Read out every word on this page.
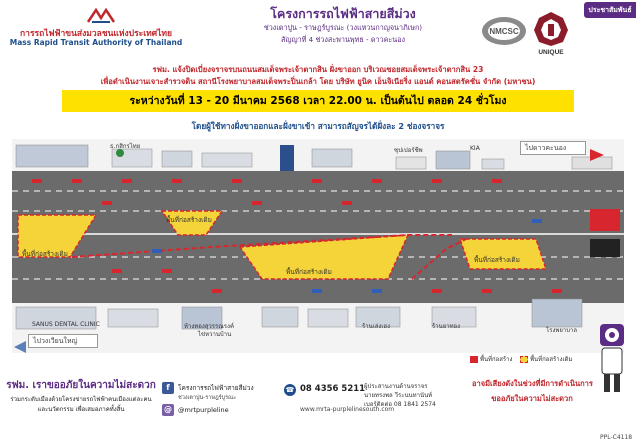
การรถไฟฟ้าขนส่งมวลชนแห่งประเทศไทย
Mass Rapid Transit Authority of Thailand
โครงการรถไฟฟ้าสายสีม่วง
ช่วงเตาปูน - ราษฎร์บูรณะ (วงแหวนกาญจนาภิเษก)
สัญญาที่ 4 ช่วงสะพานพุทธ - ดาวคะนอง
NMCSC
UNIQUE
ประชาสัมพันธ์
รฟม. แจ้งปิดเบี่ยงจราจรบนถนนสมเด็จพระเจ้าตากสิน ฝั่งขาออก บริเวณซอยสมเด็จพระเจ้าตากสิน 23
เพื่อดำเนินงานเจาะสำรวจดิน สถานีโรงพยาบาลสมเด็จพระปิ่นเกล้า โดย บริษัท ยูนิค เอ็นจิเนียริ่ง แอนด์ คอนสตรัคชั่น จำกัด (มหาชน)
ระหว่างวันที่ 13 - 20 มีนาคม 2568 เวลา 22.00 น. เป็นต้นไป ตลอด 24 ชั่วโมง
โดยผู้ใช้ทางฝั่งขาออกและฝั่งขาเข้า สามารถสัญจรได้ฝั่งละ 2 ช่องจราจร
ไปดาวคะนอง
ไปวงเวียนใหญ่
พื้นที่ก่อสร้างเดิม
พื้นที่ก่อสร้างเดิม
พื้นที่ก่อสร้างเดิม
พื้นที่ก่อสร้างเดิม
ธ.กสิกรไทย
ซุปเปอร์ชีพ	KIA
SANUS DENTAL CLINIC	ห้างทองสุวรรณรงค์
ไข่หวานบ้าน
ร้านเล่งเฮง	ร้านยาทอง
โรงพยาบาล
พื้นที่ก่อสร้าง	พื้นที่ก่อสร้างเดิม
รฟม. เราขออภัยในความไม่สะดวก
ร่วมกระดับเมืองด้วยโครงข่ายรถไฟฟ้าคนเมืองแต่ละคน
และนวัตกรรม เพื่อเสมอภาคทั้งสิ้น
f โครงการรถไฟฟ้าสายสีม่วง
ช่วงเตาปูน-ราษฎร์บูรณะ
@ @mrtpurpleline
☎ 08 4356 5211
www.mrta-purplelinesouth.com
ผู้ประสานงานด้านจราจร
นายทรงพล วีระนนทานันท์
เบอร์ติดต่อ 08 1841 2574
อาจมีเสียงดังในช่วงที่มีการดำเนินการ
ขออภัยในความไม่สะดวก
PPL-C4118
